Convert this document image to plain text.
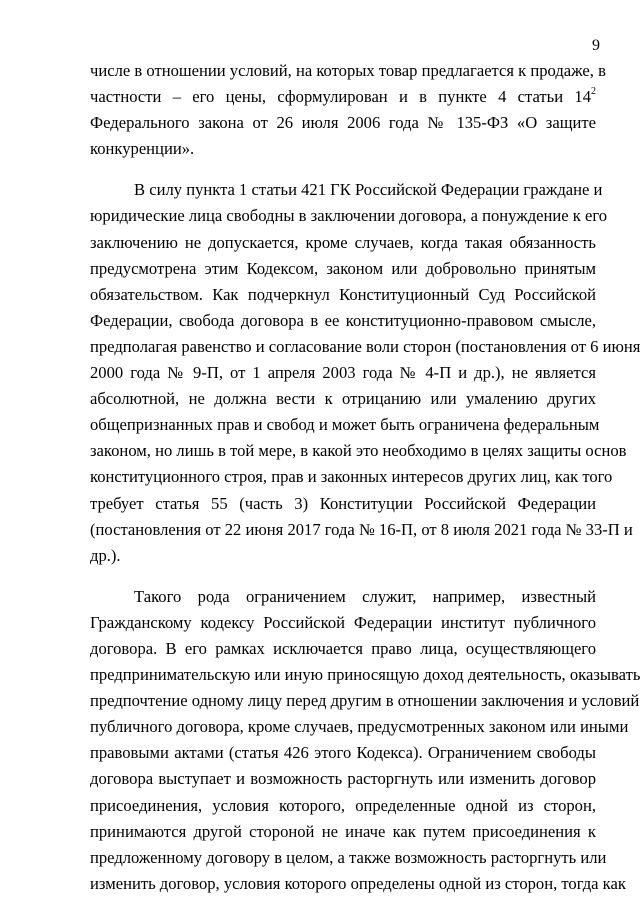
9
числе в отношении условий, на которых товар предлагается к продаже, в
частности – его цены, сформулирован и в пункте 4 статьи $14^2$
Федерального закона от 26 июля 2006 года № 135-ФЗ «О защите
конкуренции».
В силу пункта 1 статьи 421 ГК Российской Федерации граждане и
юридические лица свободны в заключении договора, а понуждение к его
заключению не допускается, кроме случаев, когда такая обязанность
предусмотрена этим Кодексом, законом или добровольно принятым
обязательством. Как подчеркнул Конституционный Суд Российской
Федерации, свобода договора в ее конституционно-правовом смысле,
предполагая равенство и согласование воли сторон (постановления от 6 июня
2000 года № 9-П, от 1 апреля 2003 года № 4-П и др.), не является
абсолютной, не должна вести к отрицанию или умалению других
общепризнанных прав и свобод и может быть ограничена федеральным
законом, но лишь в той мере, в какой это необходимо в целях защиты основ
конституционного строя, прав и законных интересов других лиц, как того
требует статья 55 (часть 3) Конституции Российской Федерации
(постановления от 22 июня 2017 года № 16-П, от 8 июля 2021 года № 33-П и
др.).
Такого рода ограничением служит, например, известный
Гражданскому кодексу Российской Федерации институт публичного
договора. В его рамках исключается право лица, осуществляющего
предпринимательскую или иную приносящую доход деятельность, оказывать
предпочтение одному лицу перед другим в отношении заключения и условий
публичного договора, кроме случаев, предусмотренных законом или иными
правовыми актами (статья 426 этого Кодекса). Ограничением свободы
договора выступает и возможность расторгнуть или изменить договор
присоединения, условия которого, определенные одной из сторон,
принимаются другой стороной не иначе как путем присоединения к
предложенному договору в целом, а также возможность расторгнуть или
изменить договор, условия которого определены одной из сторон, тогда как
